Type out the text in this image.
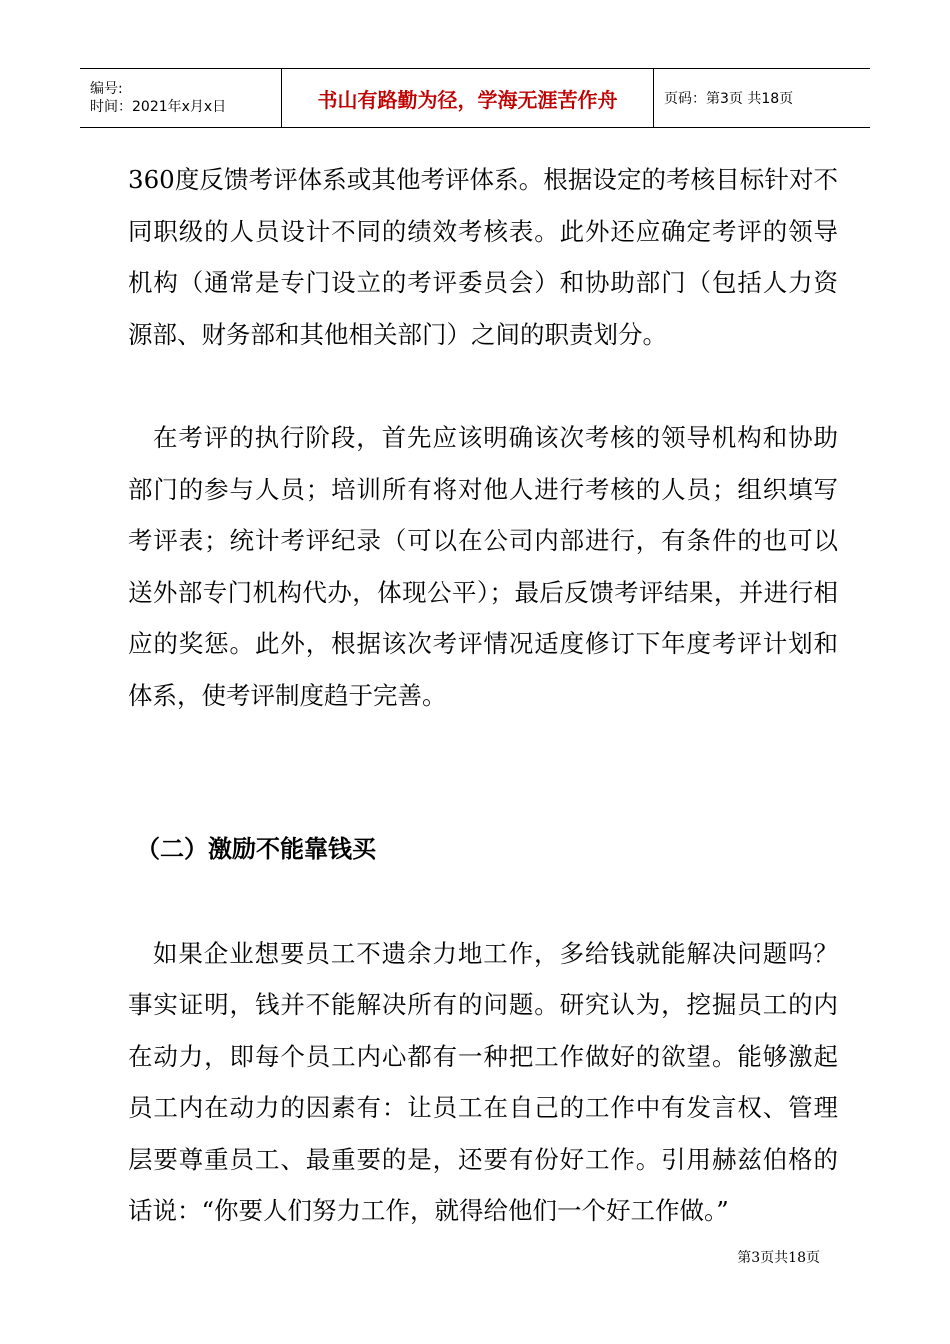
编号:
时间：2021年x月x日	书山有路勤为径，学海无涯苦作舟	页码：第3页 共18页

360度反馈考评体系或其他考评体系。根据设定的考核目标针对不同职级的人员设计不同的绩效考核表。此外还应确定考评的领导机构（通常是专门设立的考评委员会）和协助部门（包括人力资源部、财务部和其他相关部门）之间的职责划分。

在考评的执行阶段，首先应该明确该次考核的领导机构和协助部门的参与人员；培训所有将对他人进行考核的人员；组织填写考评表；统计考评纪录（可以在公司内部进行，有条件的也可以送外部专门机构代办，体现公平）；最后反馈考评结果，并进行相应的奖惩。此外，根据该次考评情况适度修订下年度考评计划和体系，使考评制度趋于完善。

（二）激励不能靠钱买

如果企业想要员工不遗余力地工作，多给钱就能解决问题吗？事实证明，钱并不能解决所有的问题。研究认为，挖掘员工的内在动力，即每个员工内心都有一种把工作做好的欲望。能够激起员工内在动力的因素有：让员工在自己的工作中有发言权、管理层要尊重员工、最重要的是，还要有份好工作。引用赫兹伯格的话说：“你要人们努力工作，就得给他们一个好工作做。”

第3页共18页
